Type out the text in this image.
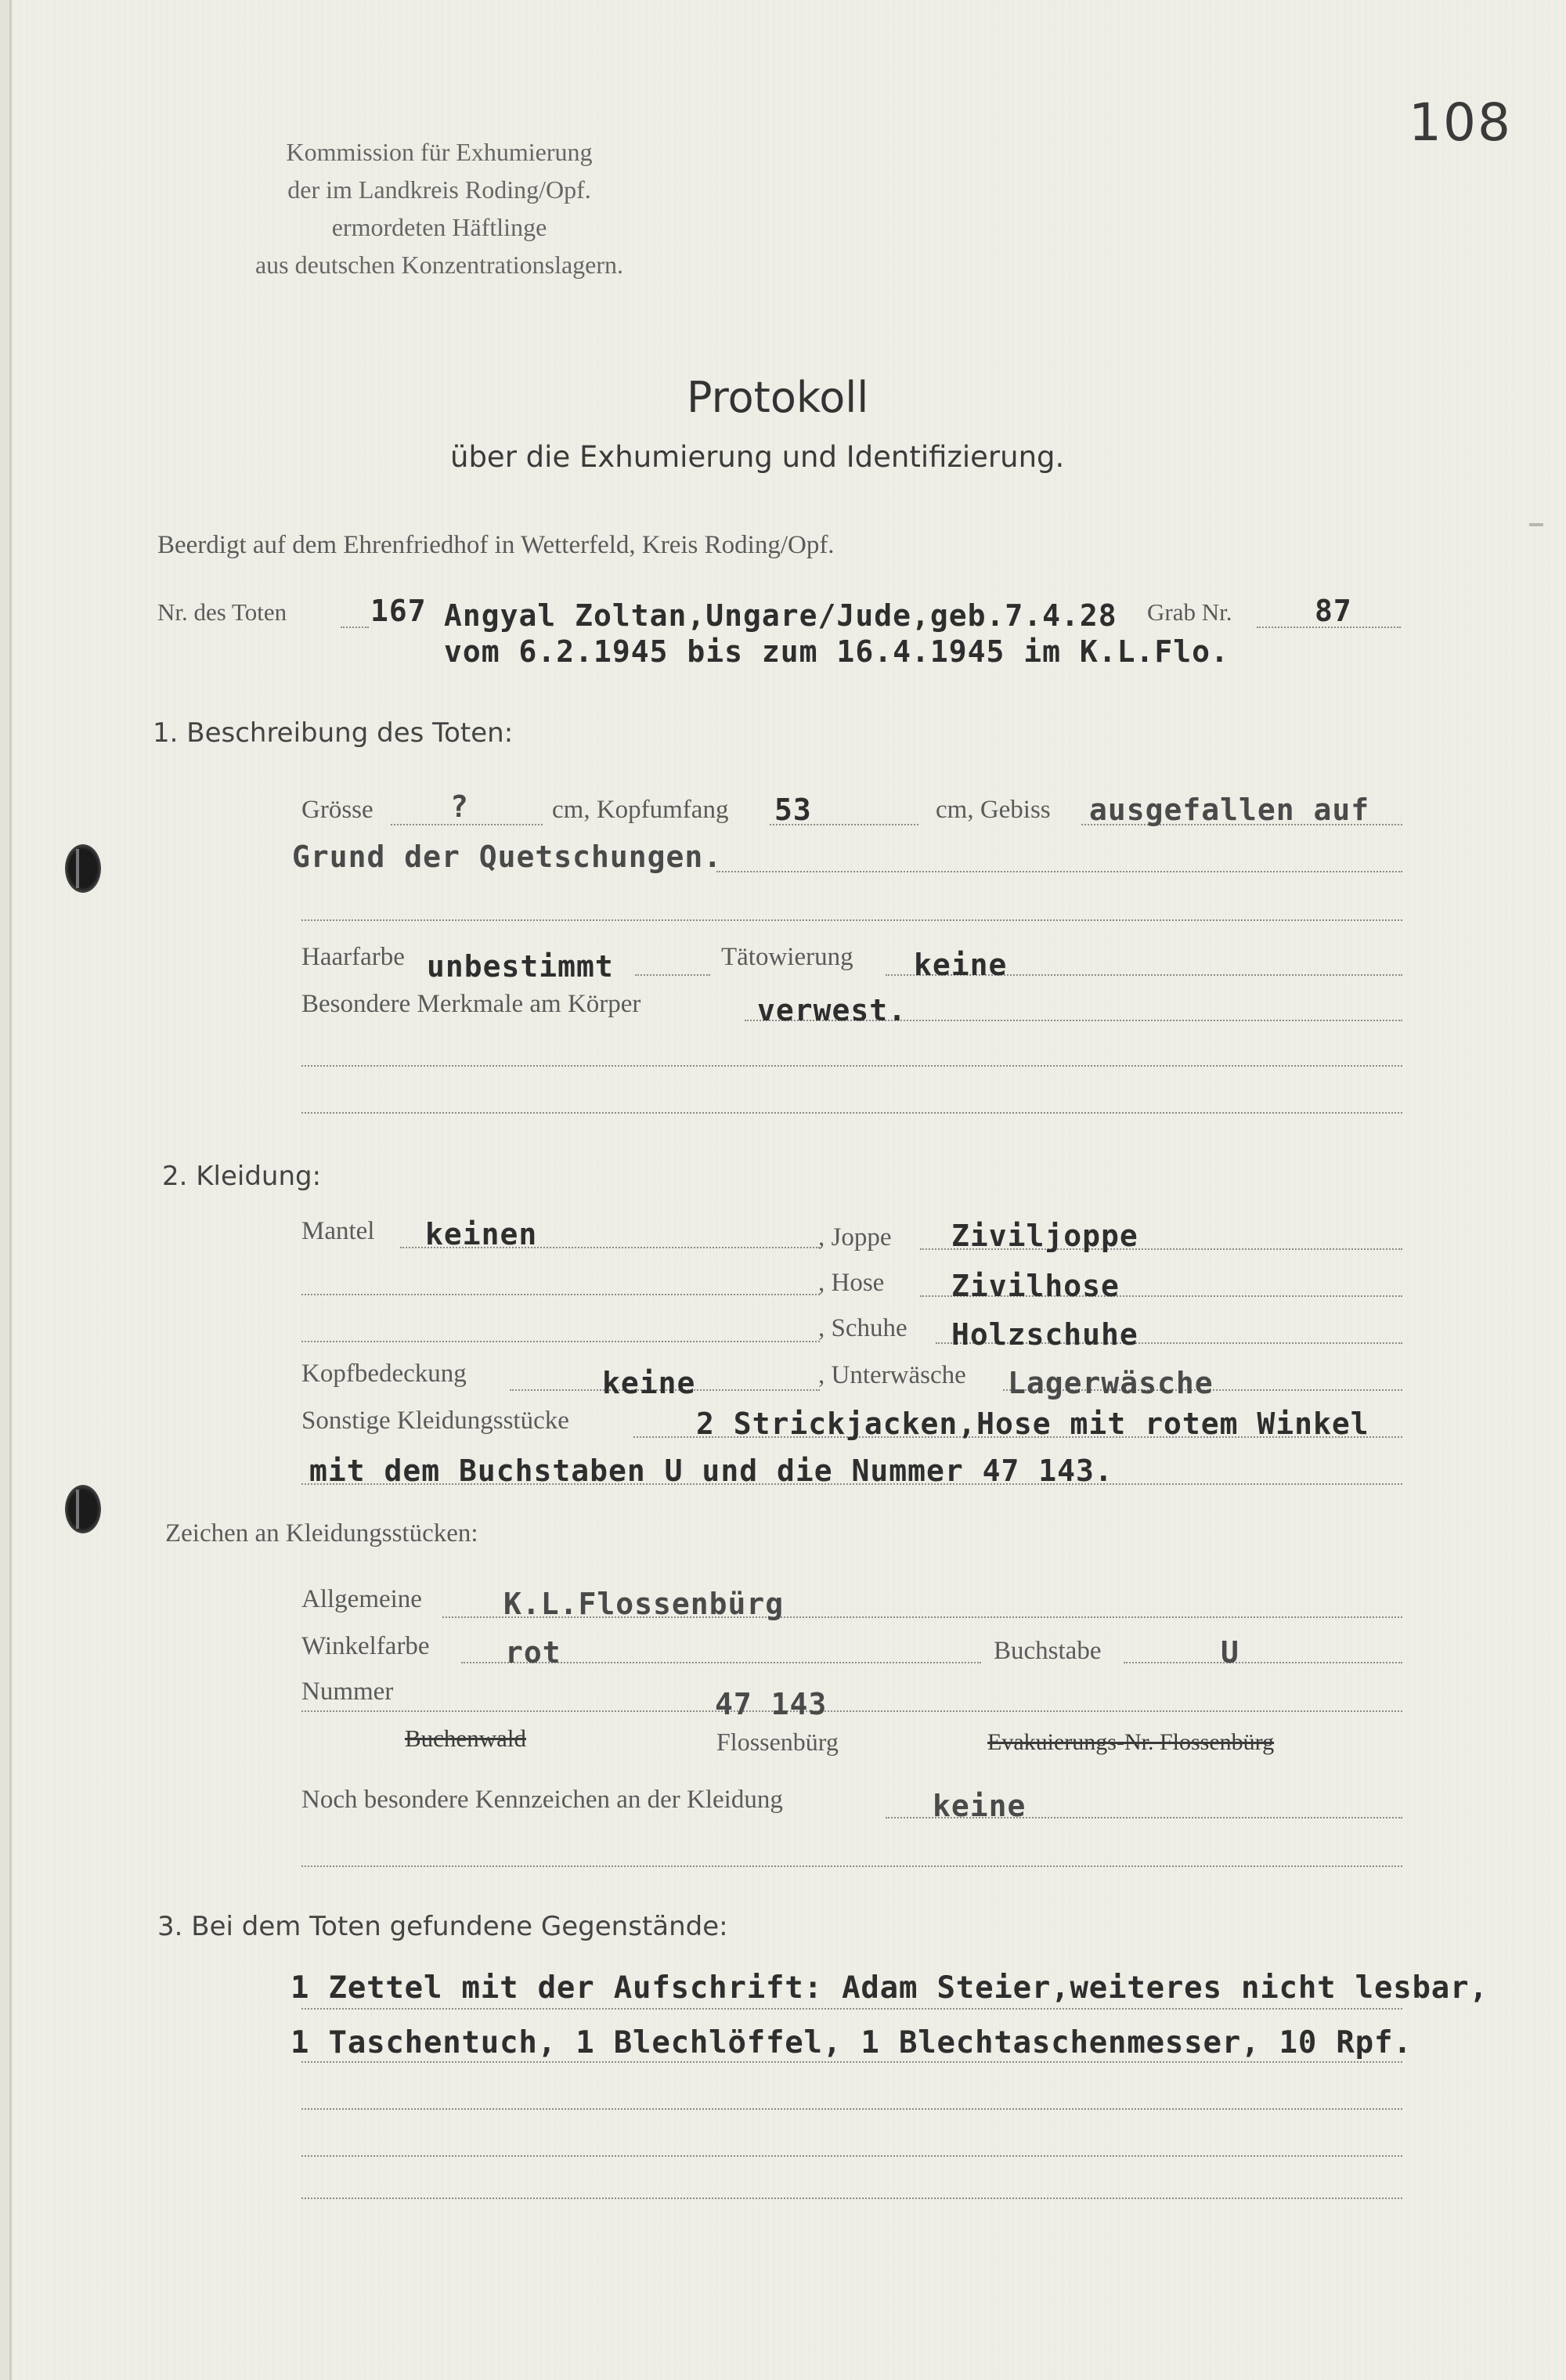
108
Kommission für Exhumierung
der im Landkreis Roding/Opf.
ermordeten Häftlinge
aus deutschen Konzentrationslagern.
Protokoll
über die Exhumierung und Identifizierung.
Beerdigt auf dem Ehrenfriedhof in Wetterfeld, Kreis Roding/Opf.
Nr. des Toten	167 Angyal Zoltan,Ungare/Jude,geb.7.4.28 Grab Nr.	87
vom 6.2.1945 bis zum 16.4.1945 im K.L.Flo.
1. Beschreibung des Toten:
Grösse	?	cm, Kopfumfang 53	cm, Gebiss ausgefallen auf
Grund der Quetschungen.
Haarfarbe unbestimmt	Tätowierung keine
Besondere Merkmale am Körper	verwest.
2. Kleidung:
Mantel keinen	, Joppe Ziviljoppe
, Hose Zivilhose
, Schuhe Holzschuhe
Kopfbedeckung	keine	, Unterwäsche Lagerwäsche
Sonstige Kleidungsstücke	2 Strickjacken,Hose mit rotem Winkel
mit dem Buchstaben U und die Nummer 47 143.
Zeichen an Kleidungsstücken:
Allgemeine	K.L.Flossenbürg
Winkelfarbe	rot	Buchstabe	U
Nummer	47 143
Buchenwald	Flossenbürg	Evakuierungs-Nr. Flossenbürg
Noch besondere Kennzeichen an der Kleidung	keine
3. Bei dem Toten gefundene Gegenstände:
1 Zettel mit der Aufschrift: Adam Steier,weiteres nicht lesbar,
1 Taschentuch, 1 Blechlöffel, 1 Blechtaschenmesser, 10 Rpf.
